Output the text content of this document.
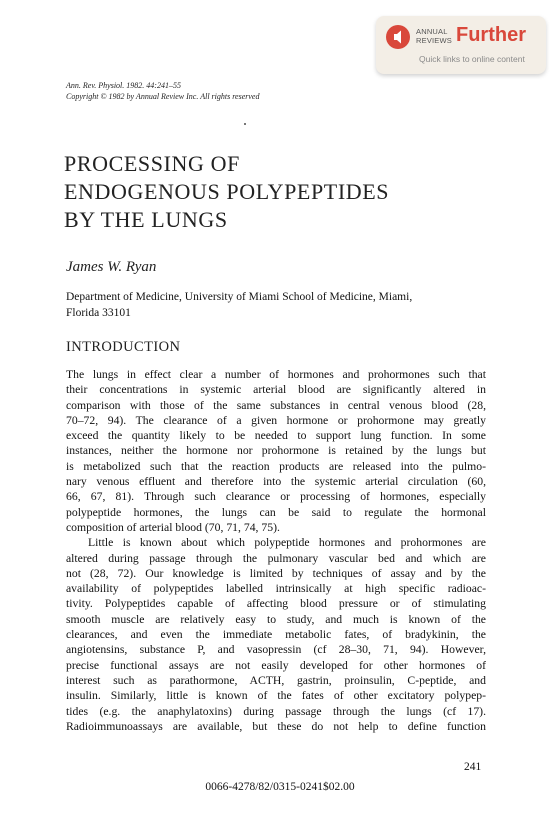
ANNUAL
REVIEWS Further
Quick links to online content
Ann. Rev. Physiol. 1982. 44:241–55
Copyright © 1982 by Annual Review Inc. All rights reserved
PROCESSING OF
ENDOGENOUS POLYPEPTIDES
BY THE LUNGS
James W. Ryan
Department of Medicine, University of Miami School of Medicine, Miami,
Florida 33101
INTRODUCTION
The lungs in effect clear a number of hormones and prohormones such that
their concentrations in systemic arterial blood are significantly altered in
comparison with those of the same substances in central venous blood (28,
70–72, 94). The clearance of a given hormone or prohormone may greatly
exceed the quantity likely to be needed to support lung function. In some
instances, neither the hormone nor prohormone is retained by the lungs but
is metabolized such that the reaction products are released into the pulmo-
nary venous effluent and therefore into the systemic arterial circulation (60,
66, 67, 81). Through such clearance or processing of hormones, especially
polypeptide hormones, the lungs can be said to regulate the hormonal
composition of arterial blood (70, 71, 74, 75).
Little is known about which polypeptide hormones and prohormones are
altered during passage through the pulmonary vascular bed and which are
not (28, 72). Our knowledge is limited by techniques of assay and by the
availability of polypeptides labelled intrinsically at high specific radioac-
tivity. Polypeptides capable of affecting blood pressure or of stimulating
smooth muscle are relatively easy to study, and much is known of the
clearances, and even the immediate metabolic fates, of bradykinin, the
angiotensins, substance P, and vasopressin (cf 28–30, 71, 94). However,
precise functional assays are not easily developed for other hormones of
interest such as parathormone, ACTH, gastrin, proinsulin, C-peptide, and
insulin. Similarly, little is known of the fates of other excitatory polypep-
tides (e.g. the anaphylatoxins) during passage through the lungs (cf 17).
Radioimmunoassays are available, but these do not help to define function
241
0066-4278/82/0315-0241$02.00
